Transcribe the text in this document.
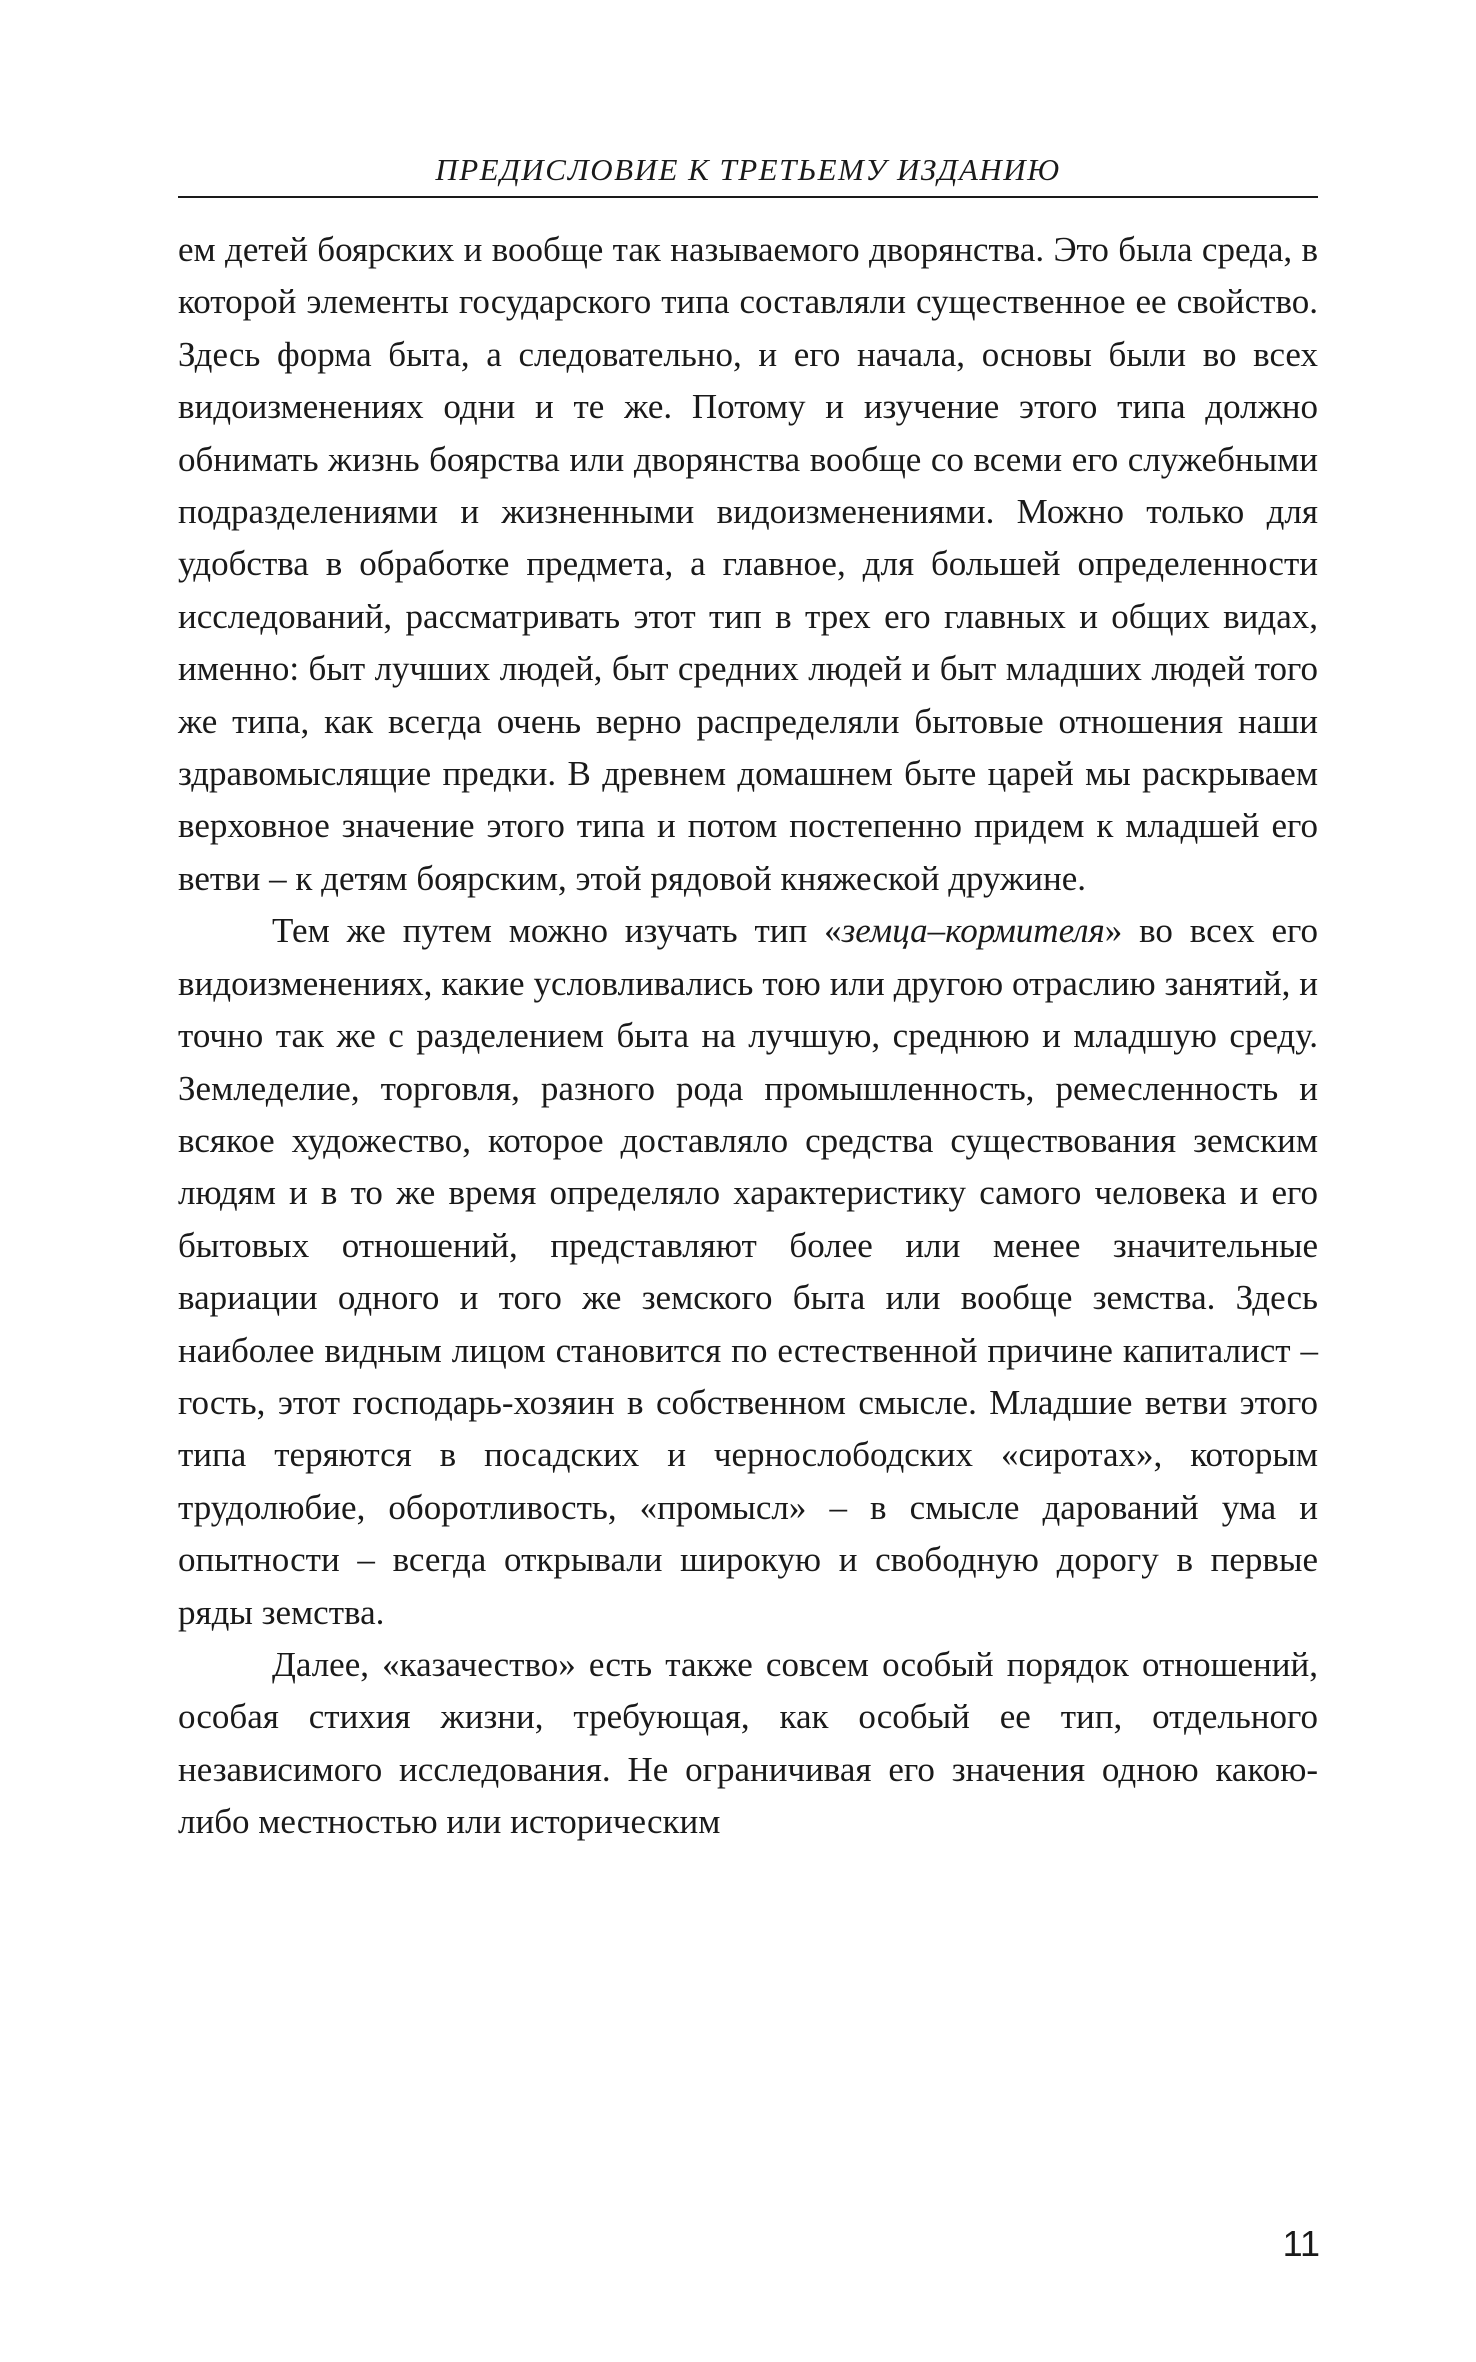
ПРЕДИСЛОВИЕ К ТРЕТЬЕМУ ИЗДАНИЮ

ем детей боярских и вообще так называемого дворянства. Это была среда, в которой элементы государского типа составляли существенное ее свойство. Здесь форма быта, а следовательно, и его начала, основы были во всех видоизменениях одни и те же. Потому и изучение этого типа должно обнимать жизнь боярства или дворянства вообще со всеми его служебными подразделениями и жизненными видоизменениями. Можно только для удобства в обработке предмета, а главное, для большей определенности исследований, рассматривать этот тип в трех его главных и общих видах, именно: быт лучших людей, быт средних людей и быт младших людей того же типа, как всегда очень верно распределяли бытовые отношения наши здравомыслящие предки. В древнем домашнем быте царей мы раскрываем верховное значение этого типа и потом постепенно придем к младшей его ветви – к детям боярским, этой рядовой княжеской дружине.

Тем же путем можно изучать тип «земца–кормителя» во всех его видоизменениях, какие условливались тою или другою отраслию занятий, и точно так же с разделением быта на лучшую, среднюю и младшую среду. Земледелие, торговля, разного рода промышленность, ремесленность и всякое художество, которое доставляло средства существования земским людям и в то же время определяло характеристику самого человека и его бытовых отношений, представляют более или менее значительные вариации одного и того же земского быта или вообще земства. Здесь наиболее видным лицом становится по естественной причине капиталист – гость, этот господарь-хозяин в собственном смысле. Младшие ветви этого типа теряются в посадских и чернослободских «сиротах», которым трудолюбие, оборотливость, «промысл» – в смысле дарований ума и опытности – всегда открывали широкую и свободную дорогу в первые ряды земства.

Далее, «казачество» есть также совсем особый порядок отношений, особая стихия жизни, требующая, как особый ее тип, отдельного независимого исследования. Не ограничивая его значения одною какою-либо местностью или историческим

11
